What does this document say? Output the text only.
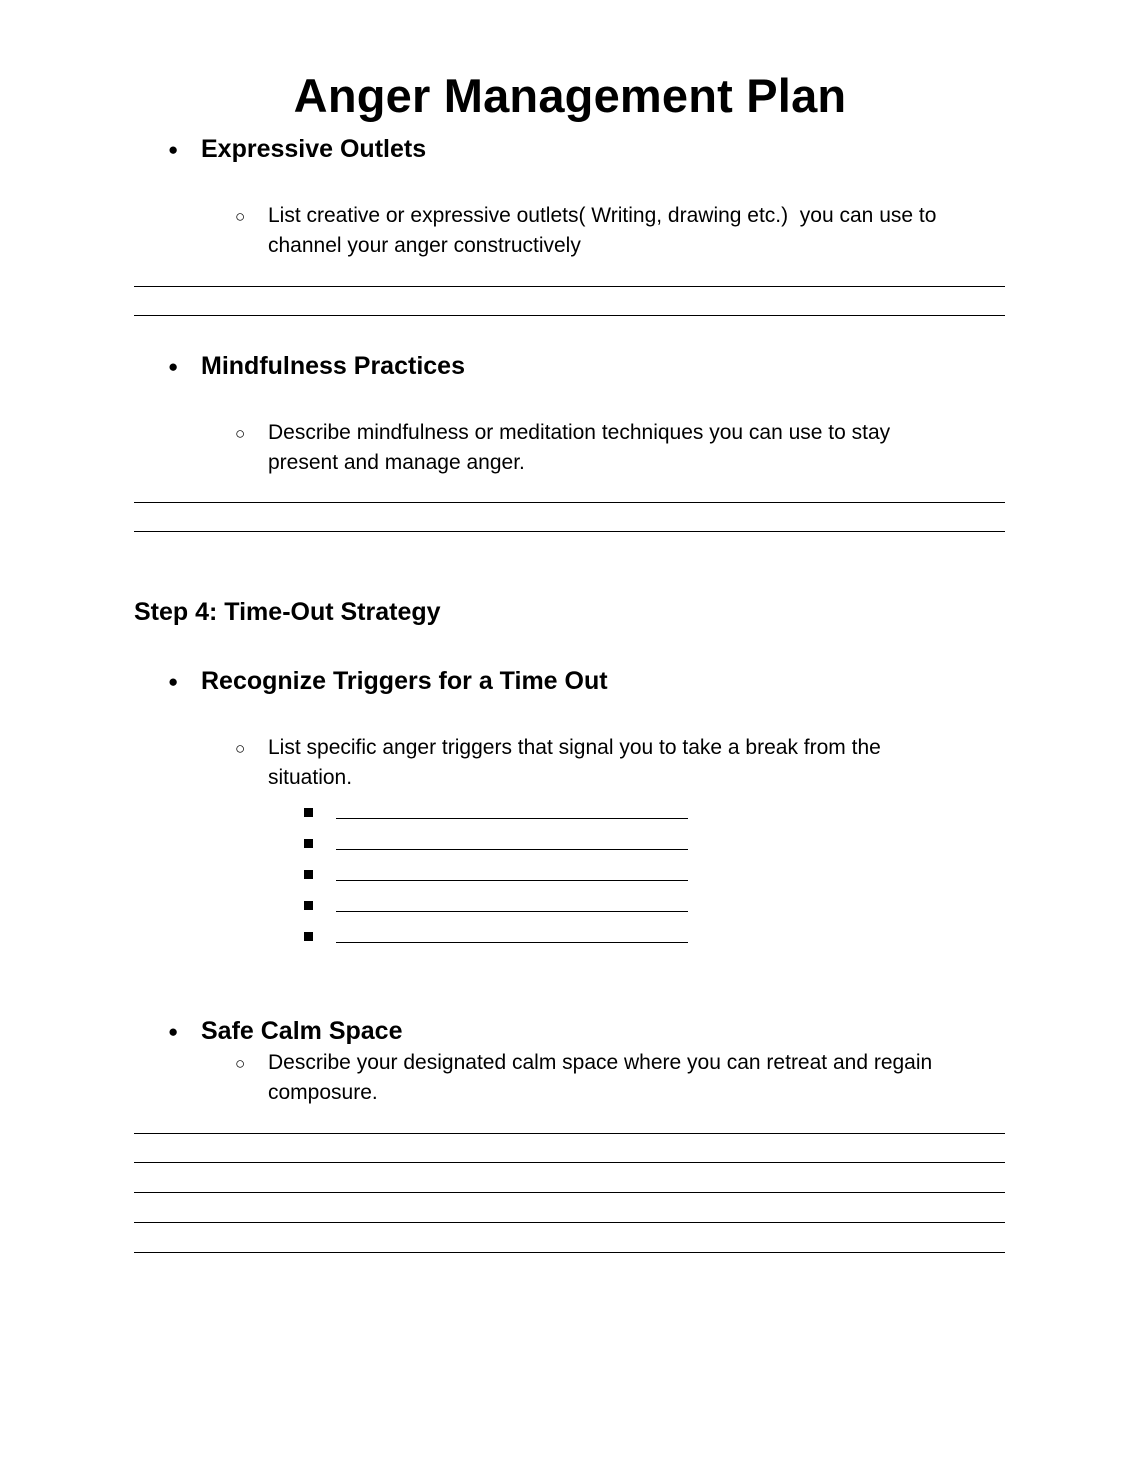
Anger Management Plan
● Expressive Outlets
○ List creative or expressive outlets( Writing, drawing etc.)  you can use to
channel your anger constructively
● Mindfulness Practices
○ Describe mindfulness or meditation techniques you can use to stay
present and manage anger.
Step 4: Time-Out Strategy
● Recognize Triggers for a Time Out
○ List specific anger triggers that signal you to take a break from the
situation.
● Safe Calm Space
○ Describe your designated calm space where you can retreat and regain
composure.
